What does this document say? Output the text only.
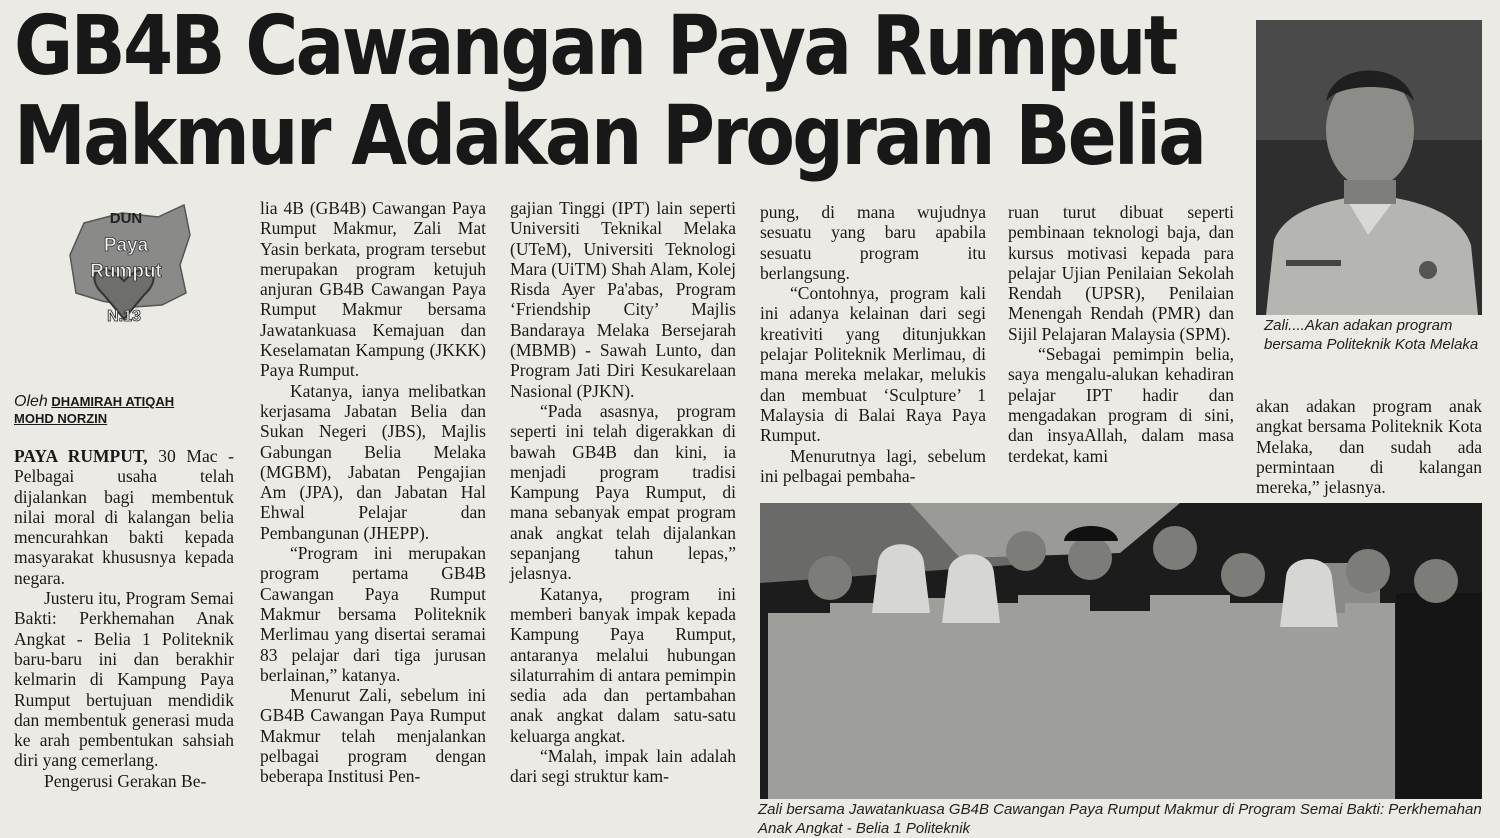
GB4B Cawangan Paya Rumput
Makmur Adakan Program Belia
DUN
Paya
Rumput
N.13
Oleh DHAMIRAH ATIQAH
MOHD NORZIN

PAYA RUMPUT, 30 Mac - Pelbagai usaha telah dijalankan bagi membentuk nilai moral di kalangan belia mencurahkan bakti kepada masyarakat khususnya kepada negara.

Justeru itu, Program Semai Bakti: Perkhemahan Anak Angkat - Belia 1 Politeknik baru-baru ini dan berakhir kelmarin di Kampung Paya Rumput bertujuan mendidik dan membentuk generasi muda ke arah pembentukan sahsiah diri yang cemerlang.

Pengerusi Gerakan Be-

lia 4B (GB4B) Cawangan Paya Rumput Makmur, Zali Mat Yasin berkata, program tersebut merupakan program ketujuh anjuran GB4B Cawangan Paya Rumput Makmur bersama Jawatankuasa Kemajuan dan Keselamatan Kampung (JKKK) Paya Rumput.

Katanya, ianya melibatkan kerjasama Jabatan Belia dan Sukan Negeri (JBS), Majlis Gabungan Belia Melaka (MGBM), Jabatan Pengajian Am (JPA), dan Jabatan Hal Ehwal Pelajar dan Pembangunan (JHEPP).

“Program ini merupakan program pertama GB4B Cawangan Paya Rumput Makmur bersama Politeknik Merlimau yang disertai seramai 83 pelajar dari tiga jurusan berlainan,” katanya.

Menurut Zali, sebelum ini GB4B Cawangan Paya Rumput Makmur telah menjalankan pelbagai program dengan beberapa Institusi Pen-

gajian Tinggi (IPT) lain seperti Universiti Teknikal Melaka (UTeM), Universiti Teknologi Mara (UiTM) Shah Alam, Kolej Risda Ayer Pa'abas, Program ‘Friendship City’ Majlis Bandaraya Melaka Bersejarah (MBMB) - Sawah Lunto, dan Program Jati Diri Kesukarelaan Nasional (PJKN).

“Pada asasnya, program seperti ini telah digerakkan di bawah GB4B dan kini, ia menjadi program tradisi Kampung Paya Rumput, di mana sebanyak empat program anak angkat telah dijalankan sepanjang tahun lepas,” jelasnya.

Katanya, program ini memberi banyak impak kepada Kampung Paya Rumput, antaranya melalui hubungan silaturrahim di antara pemimpin sedia ada dan pertambahan anak angkat dalam satu-satu keluarga angkat.

“Malah, impak lain adalah dari segi struktur kam-

pung, di mana wujudnya sesuatu yang baru apabila sesuatu program itu berlangsung.

“Contohnya, program kali ini adanya kelainan dari segi kreativiti yang ditunjukkan pelajar Politeknik Merlimau, di mana mereka melakar, melukis dan membuat ‘Sculpture’ 1 Malaysia di Balai Raya Paya Rumput.

Menurutnya lagi, sebelum ini pelbagai pembaha-

ruan turut dibuat seperti pembinaan teknologi baja, dan kursus motivasi kepada para pelajar Ujian Penilaian Sekolah Rendah (UPSR), Penilaian Menengah Rendah (PMR) dan Sijil Pelajaran Malaysia (SPM).

“Sebagai pemimpin belia, saya mengalu-alukan kehadiran pelajar IPT hadir dan mengadakan program di sini, dan insyaAllah, dalam masa terdekat, kami

akan adakan program anak angkat bersama Politeknik Kota Melaka, dan sudah ada permintaan di kalangan mereka,” jelasnya.

Zali....Akan adakan program bersama Politeknik Kota Melaka
Zali bersama Jawatankuasa GB4B Cawangan Paya Rumput Makmur di Program Semai Bakti: Perkhemahan Anak Angkat - Belia 1 Politeknik
